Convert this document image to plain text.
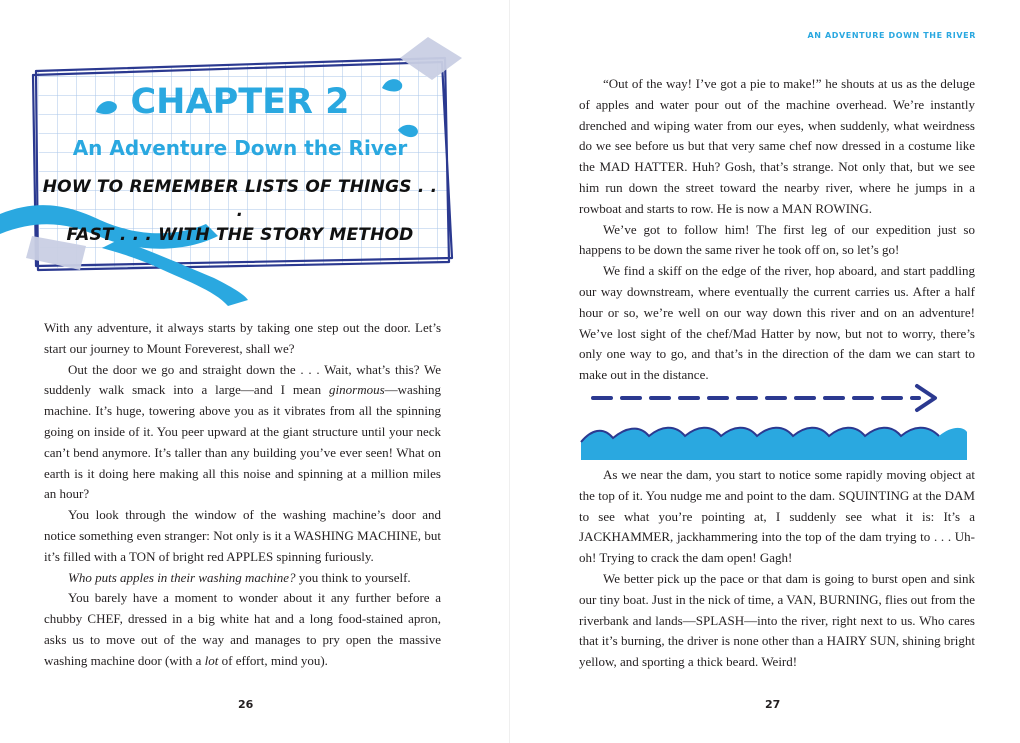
CHAPTER 2
An Adventure Down the River
HOW TO REMEMBER LISTS OF THINGS . . .
FAST . . . WITH THE STORY METHOD

With any adventure, it always starts by taking one step out the door. Let’s start our journey to Mount Foreverest, shall we?

Out the door we go and straight down the . . . Wait, what’s this? We suddenly walk smack into a large—and I mean ginormous—washing machine. It’s huge, towering above you as it vibrates from all the spinning going on inside of it. You peer upward at the giant structure until your neck can’t bend anymore. It’s taller than any building you’ve ever seen! What on earth is it doing here making all this noise and spinning at a million miles an hour?

You look through the window of the washing machine’s door and notice something even stranger: Not only is it a WASHING MACHINE, but it’s filled with a TON of bright red APPLES spinning furiously.

Who puts apples in their washing machine? you think to yourself.

You barely have a moment to wonder about it any further before a chubby CHEF, dressed in a big white hat and a long food-stained apron, asks us to move out of the way and manages to pry open the massive washing machine door (with a lot of effort, mind you).

26
AN ADVENTURE DOWN THE RIVER

“Out of the way! I’ve got a pie to make!” he shouts at us as the deluge of apples and water pour out of the machine overhead. We’re instantly drenched and wiping water from our eyes, when suddenly, what weirdness do we see before us but that very same chef now dressed in a costume like the MAD HATTER. Huh? Gosh, that’s strange. Not only that, but we see him run down the street toward the nearby river, where he jumps in a rowboat and starts to row. He is now a MAN ROWING.

We’ve got to follow him! The first leg of our expedition just so happens to be down the same river he took off on, so let’s go!

We find a skiff on the edge of the river, hop aboard, and start paddling our way downstream, where eventually the current carries us. After a half hour or so, we’re well on our way down this river and on an adventure! We’ve lost sight of the chef/Mad Hatter by now, but not to worry, there’s only one way to go, and that’s in the direction of the dam we can start to make out in the distance.

As we near the dam, you start to notice some rapidly moving object at the top of it. You nudge me and point to the dam. SQUINTING at the DAM to see what you’re pointing at, I suddenly see what it is: It’s a JACKHAMMER, jackhammering into the top of the dam trying to . . . Uh-oh! Trying to crack the dam open! Gagh!

We better pick up the pace or that dam is going to burst open and sink our tiny boat. Just in the nick of time, a VAN, BURNING, flies out from the riverbank and lands—SPLASH—into the river, right next to us. Who cares that it’s burning, the driver is none other than a HAIRY SUN, shining bright yellow, and sporting a thick beard. Weird!

27
